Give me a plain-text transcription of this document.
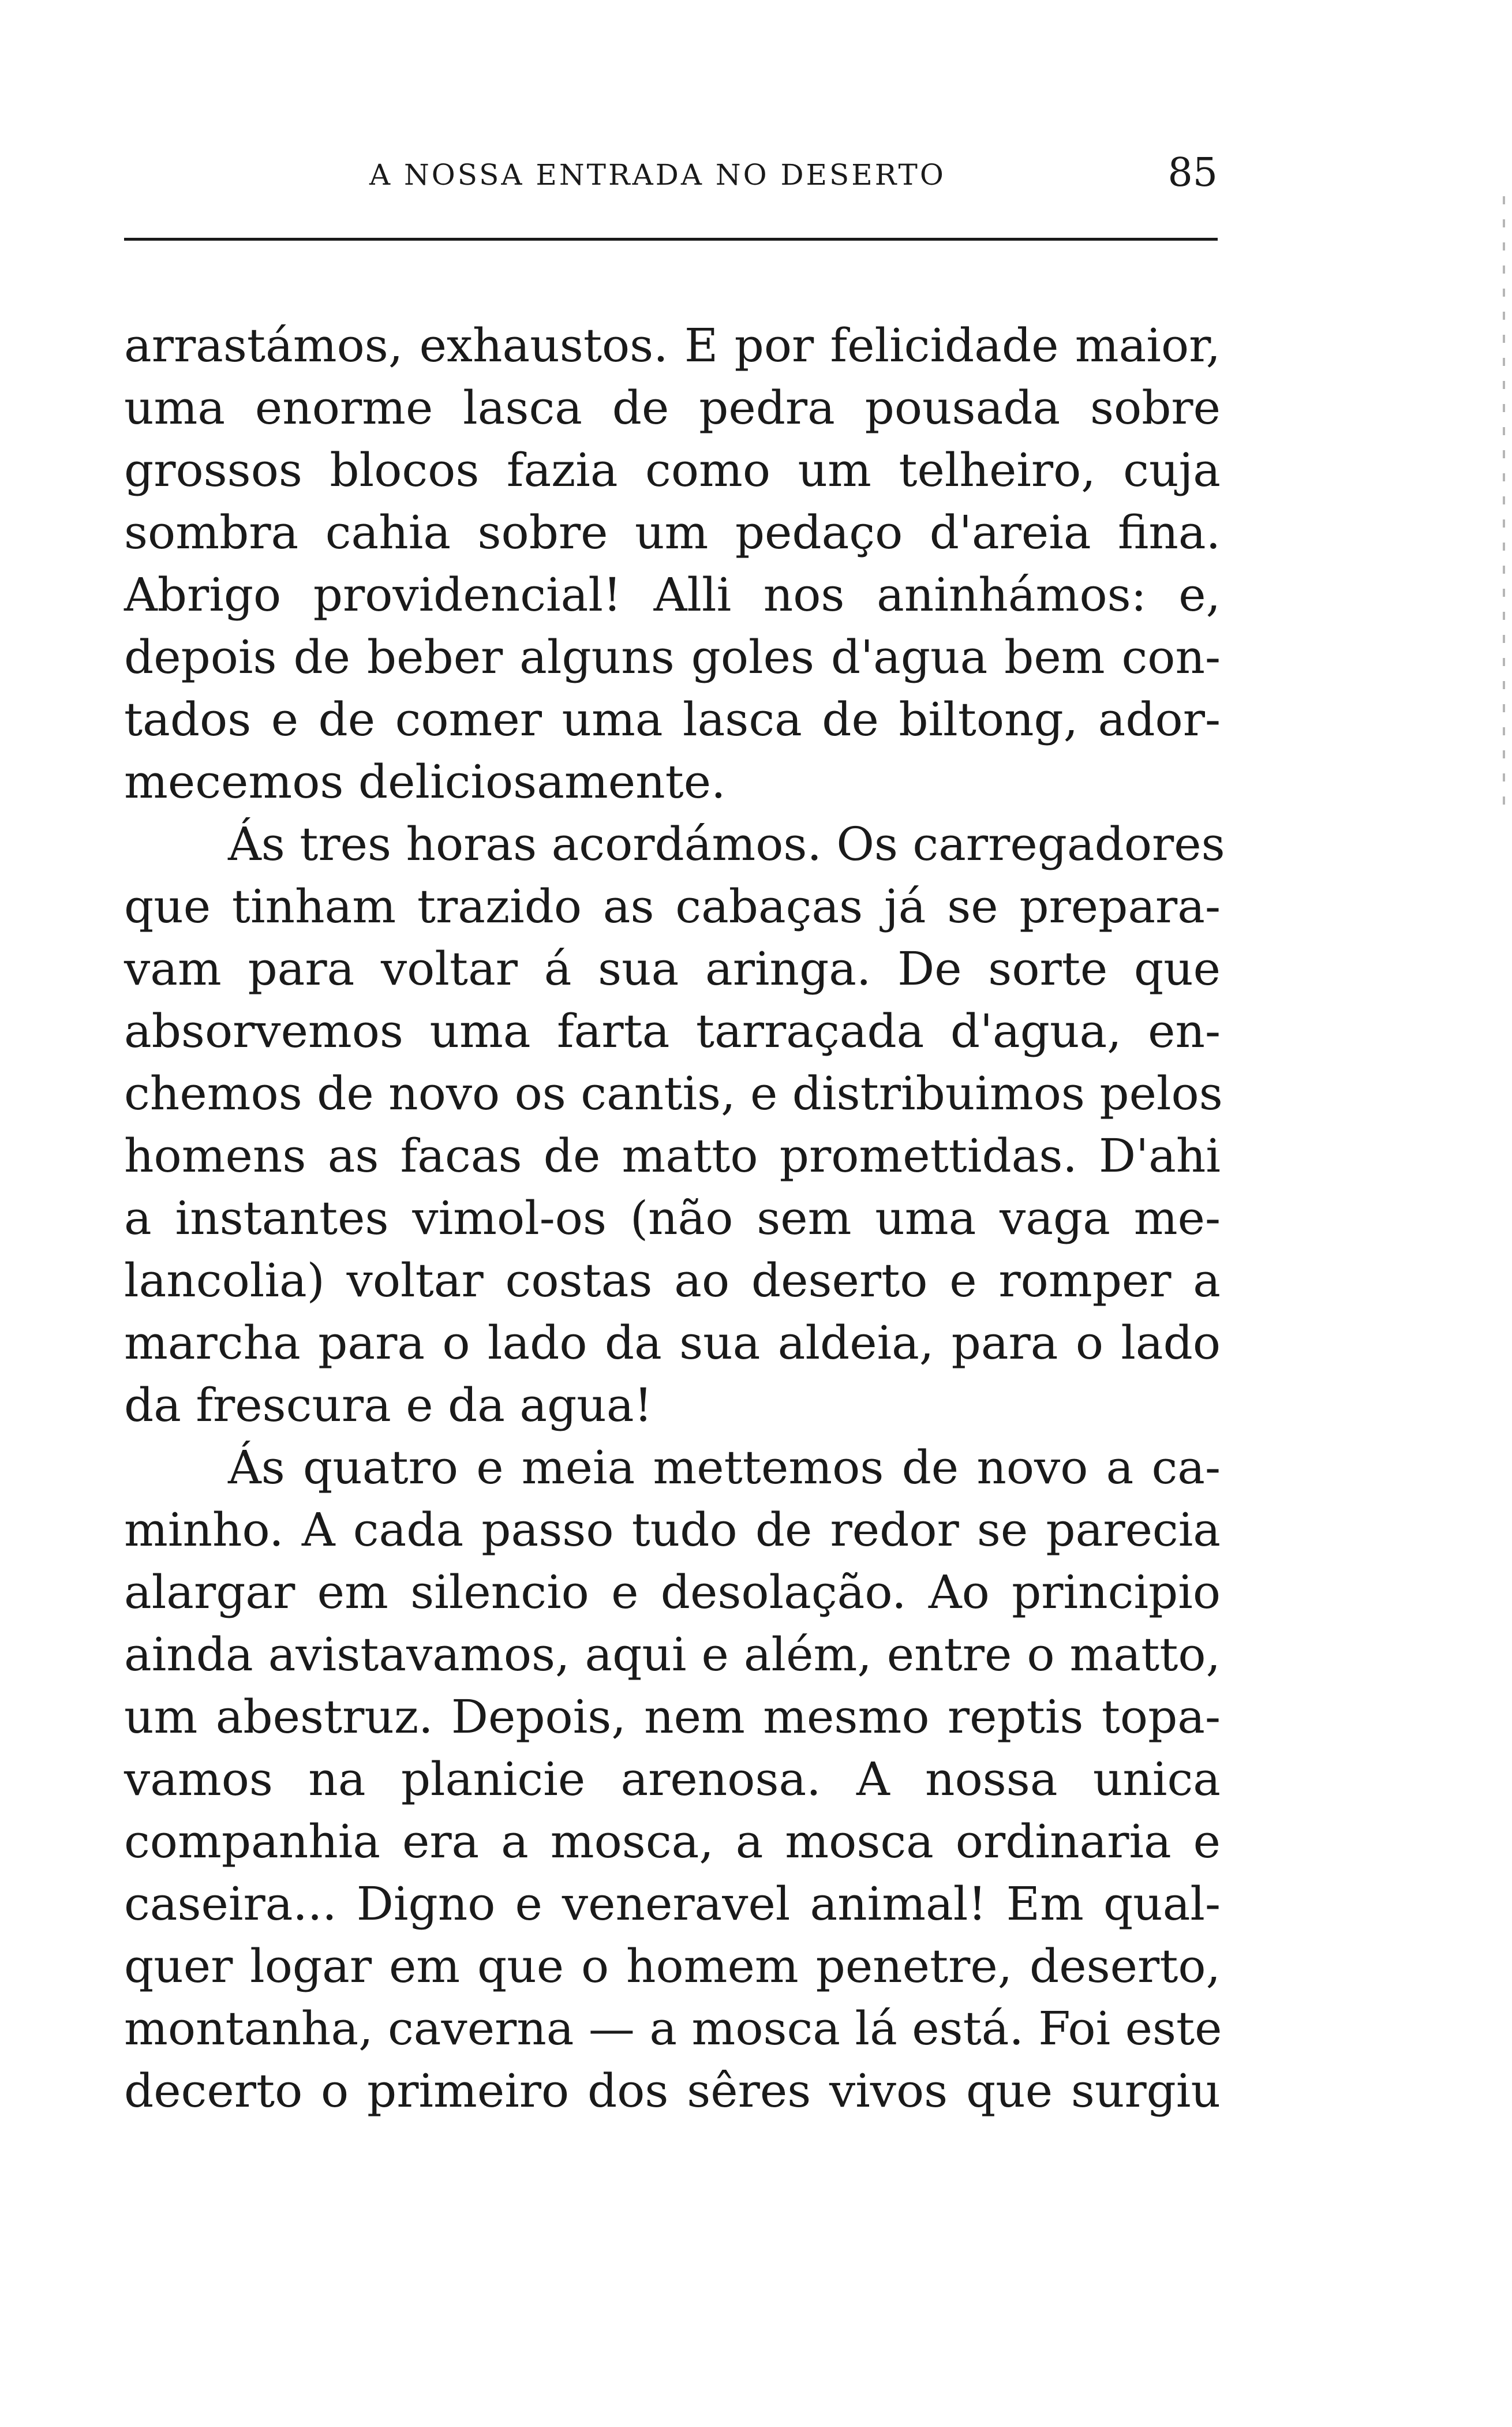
A NOSSA ENTRADA NO DESERTO	85
arrastámos, exhaustos. E por felicidade maior,
uma enorme lasca de pedra pousada sobre
grossos blocos fazia como um telheiro, cuja
sombra cahia sobre um pedaço d'areia fina.
Abrigo providencial! Alli nos aninhámos: e,
depois de beber alguns goles d'agua bem con-
tados e de comer uma lasca de biltong, ador-
mecemos deliciosamente.
Ás tres horas acordámos. Os carregadores
que tinham trazido as cabaças já se prepara-
vam para voltar á sua aringa. De sorte que
absorvemos uma farta tarraçada d'agua, en-
chemos de novo os cantis, e distribuimos pelos
homens as facas de matto promettidas. D'ahi
a instantes vimol-os (não sem uma vaga me-
lancolia) voltar costas ao deserto e romper a
marcha para o lado da sua aldeia, para o lado
da frescura e da agua!
Ás quatro e meia mettemos de novo a ca-
minho. A cada passo tudo de redor se parecia
alargar em silencio e desolação. Ao principio
ainda avistavamos, aqui e além, entre o matto,
um abestruz. Depois, nem mesmo reptis topa-
vamos na planicie arenosa. A nossa unica
companhia era a mosca, a mosca ordinaria e
caseira... Digno e veneravel animal! Em qual-
quer logar em que o homem penetre, deserto,
montanha, caverna — a mosca lá está. Foi este
decerto o primeiro dos sêres vivos que surgiu
